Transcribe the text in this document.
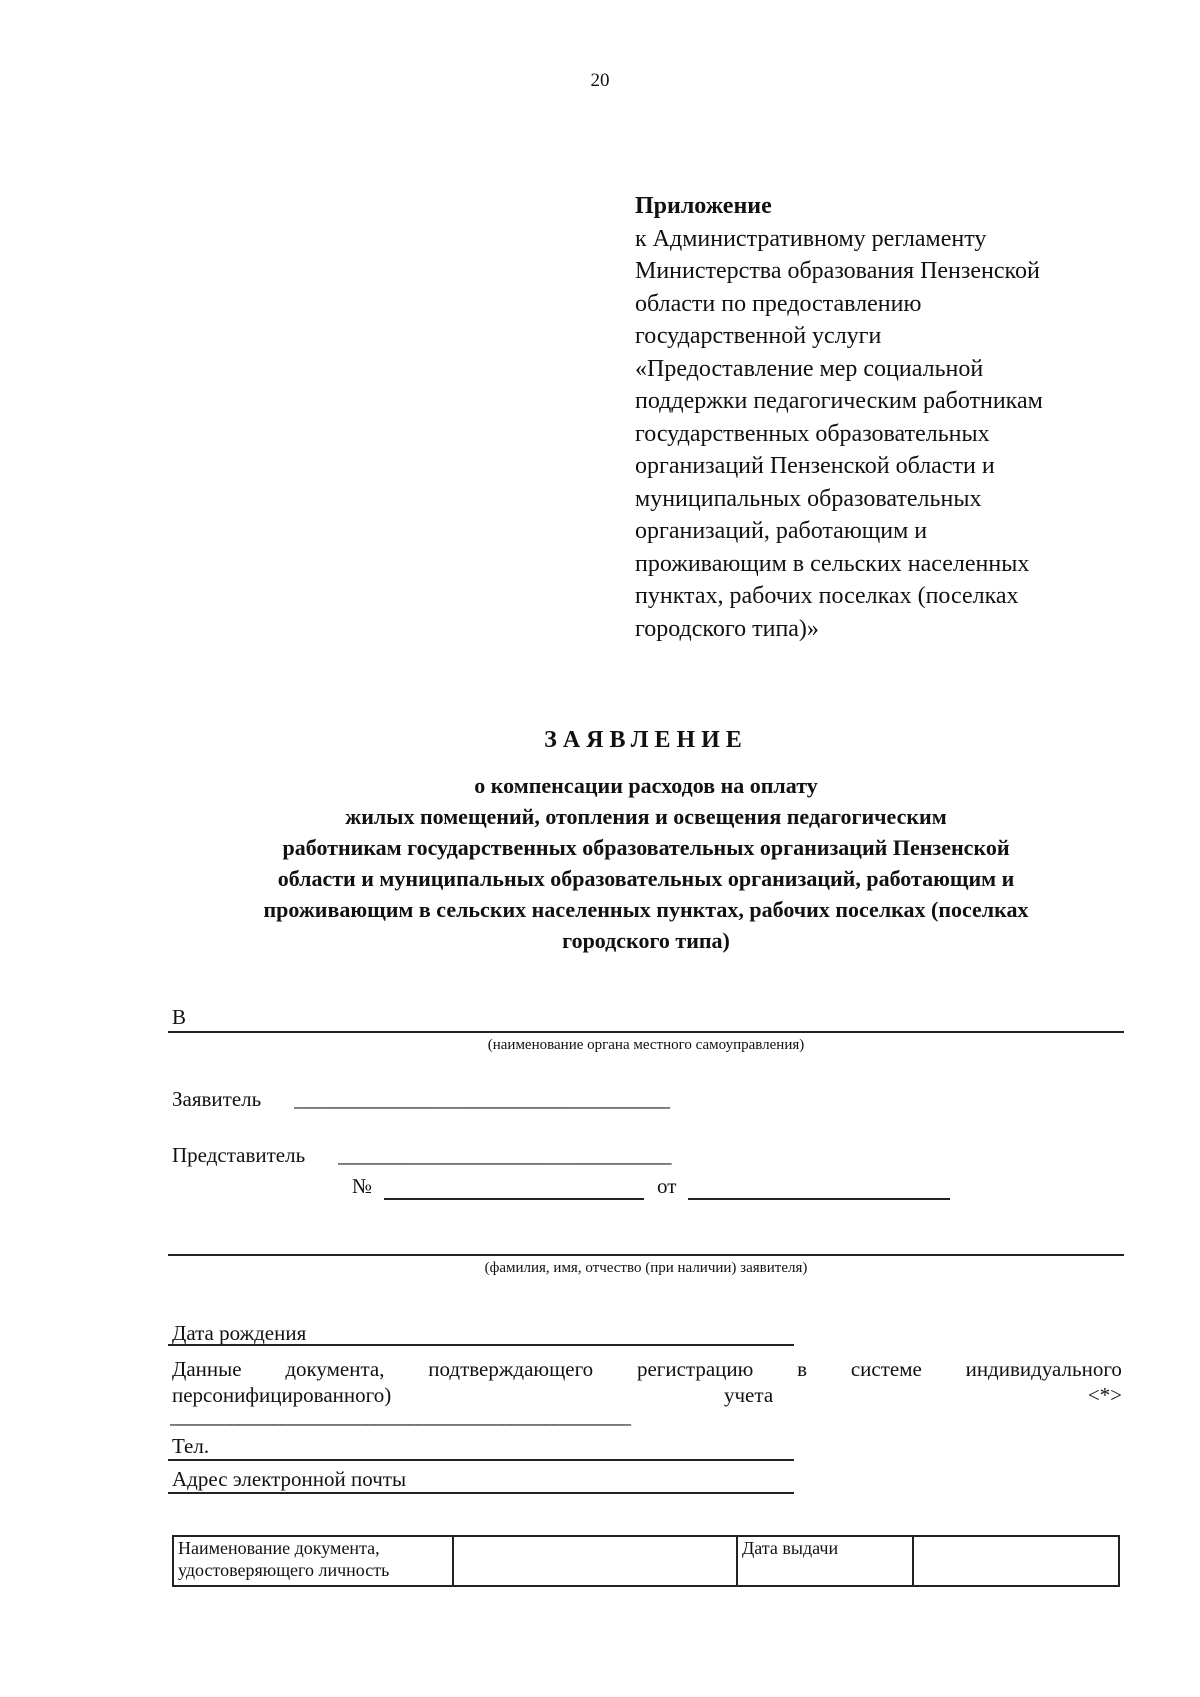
20
Приложение
к Административному регламенту
Министерства образования Пензенской
области по предоставлению
государственной услуги
«Предоставление мер социальной
поддержки педагогическим работникам
государственных образовательных
организаций Пензенской области и
муниципальных образовательных
организаций, работающим и
проживающим в сельских населенных
пунктах, рабочих поселках (поселках
городского типа)»
ЗАЯВЛЕНИЕ
о компенсации расходов на оплату
жилых помещений, отопления и освещения педагогическим
работникам государственных образовательных организаций Пензенской
области и муниципальных образовательных организаций, работающим и
проживающим в сельских населенных пунктах, рабочих поселках (поселках
городского типа)
В
(наименование органа местного самоуправления)
Заявитель ____________________________________________
Представитель _______________________________________
№	от
(фамилия, имя, отчество (при наличии) заявителя)
Дата рождения
Данные документа, подтверждающего регистрацию в системе индивидуального
персонифицированного)	учета	<*>
______________________________________________________
Тел.
Адрес электронной почты
Наименование документа, удостоверяющего личность		Дата выдачи	
